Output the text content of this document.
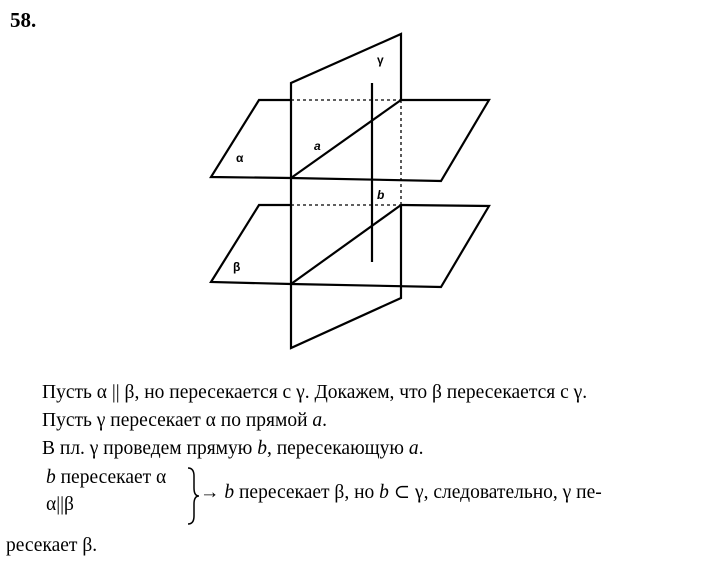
58.
γ
α
β
a
b
Пусть α || β, но пересекается с γ. Докажем, что β пересекается с γ.
Пусть γ пересекает α по прямой a.
В пл. γ проведем прямую b, пересекающую a.
b пересекает α
α||β
→ b пересекает β, но b ⊂ γ, следовательно, γ пе-
ресекает β.
